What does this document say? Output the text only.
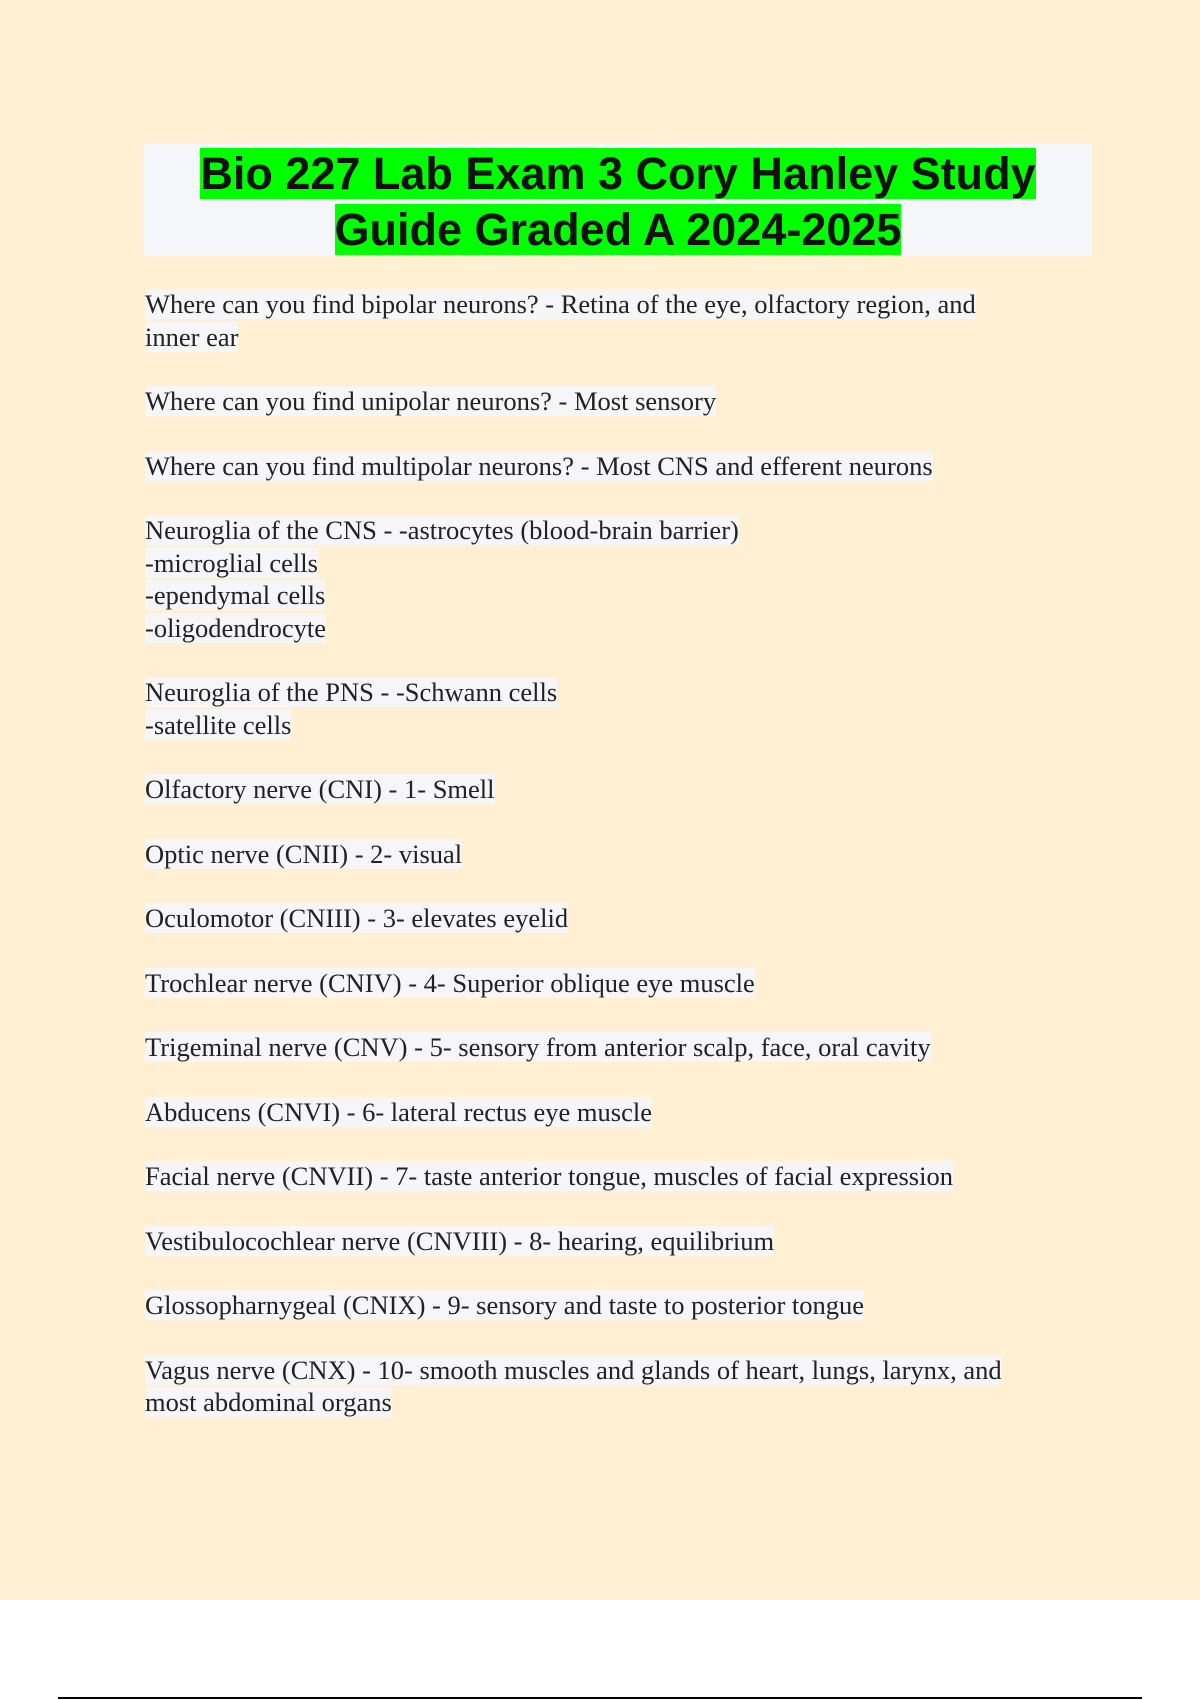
Bio 227 Lab Exam 3 Cory Hanley Study
Guide Graded A 2024-2025

Where can you find bipolar neurons? - Retina of the eye, olfactory region, and
inner ear

Where can you find unipolar neurons? - Most sensory

Where can you find multipolar neurons? - Most CNS and efferent neurons

Neuroglia of the CNS - -astrocytes (blood-brain barrier)
-microglial cells
-ependymal cells
-oligodendrocyte

Neuroglia of the PNS - -Schwann cells
-satellite cells

Olfactory nerve (CNI) - 1- Smell

Optic nerve (CNII) - 2- visual

Oculomotor (CNIII) - 3- elevates eyelid

Trochlear nerve (CNIV) - 4- Superior oblique eye muscle

Trigeminal nerve (CNV) - 5- sensory from anterior scalp, face, oral cavity

Abducens (CNVI) - 6- lateral rectus eye muscle

Facial nerve (CNVII) - 7- taste anterior tongue, muscles of facial expression

Vestibulocochlear nerve (CNVIII) - 8- hearing, equilibrium

Glossopharnygeal (CNIX) - 9- sensory and taste to posterior tongue

Vagus nerve (CNX) - 10- smooth muscles and glands of heart, lungs, larynx, and
most abdominal organs
